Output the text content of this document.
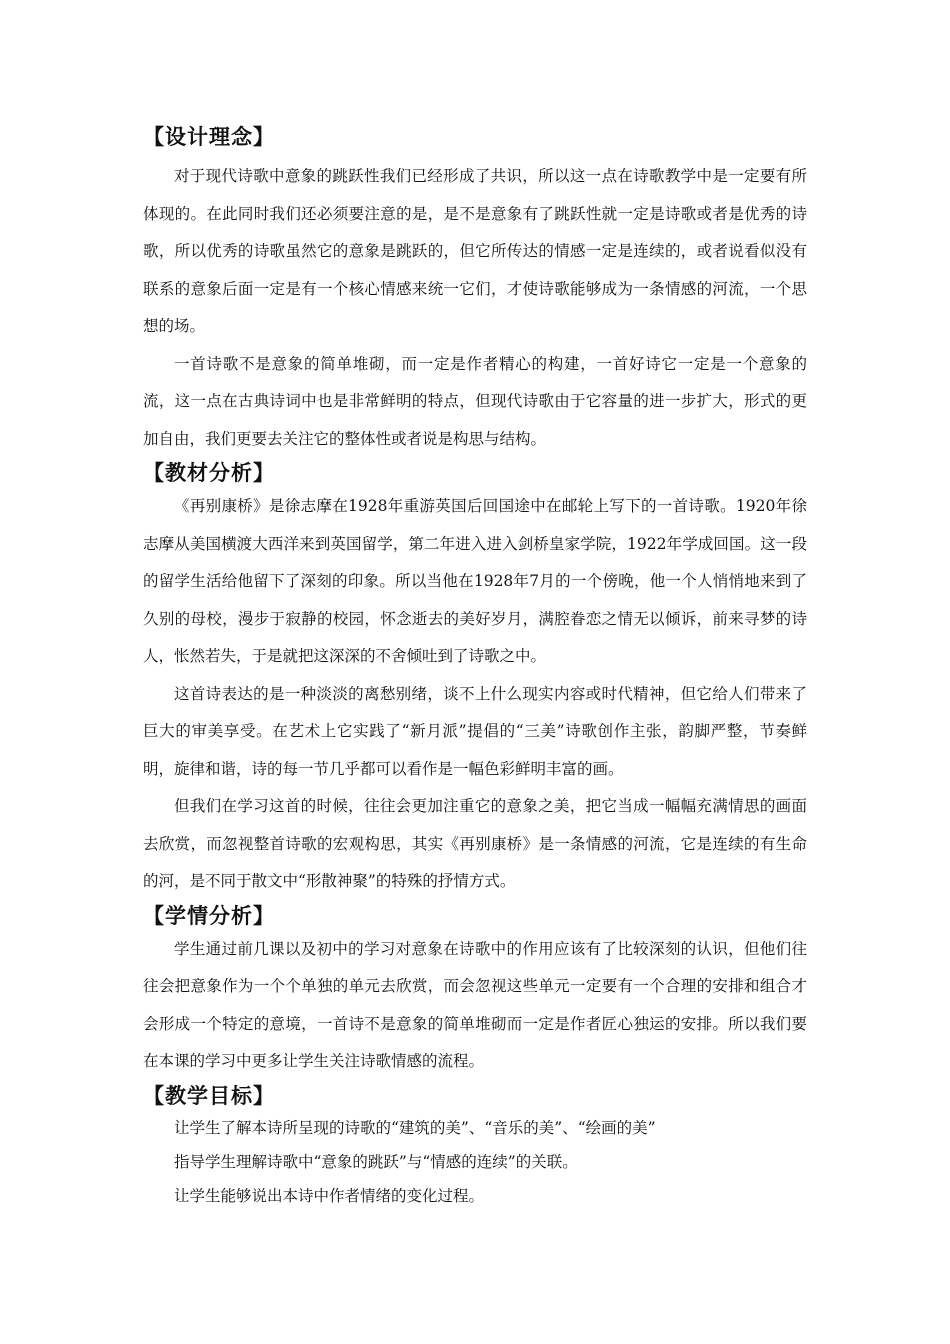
【设计理念】

对于现代诗歌中意象的跳跃性我们已经形成了共识，所以这一点在诗歌教学中是一定要有所体现的。在此同时我们还必须要注意的是，是不是意象有了跳跃性就一定是诗歌或者是优秀的诗歌，所以优秀的诗歌虽然它的意象是跳跃的，但它所传达的情感一定是连续的，或者说看似没有联系的意象后面一定是有一个核心情感来统一它们，才使诗歌能够成为一条情感的河流，一个思想的场。

一首诗歌不是意象的简单堆砌，而一定是作者精心的构建，一首好诗它一定是一个意象的流，这一点在古典诗词中也是非常鲜明的特点，但现代诗歌由于它容量的进一步扩大，形式的更加自由，我们更要去关注它的整体性或者说是构思与结构。

【教材分析】

《再别康桥》是徐志摩在1928年重游英国后回国途中在邮轮上写下的一首诗歌。1920年徐志摩从美国横渡大西洋来到英国留学，第二年进入进入剑桥皇家学院，1922年学成回国。这一段的留学生活给他留下了深刻的印象。所以当他在1928年7月的一个傍晚，他一个人悄悄地来到了久别的母校，漫步于寂静的校园，怀念逝去的美好岁月，满腔眷恋之情无以倾诉，前来寻梦的诗人，怅然若失，于是就把这深深的不舍倾吐到了诗歌之中。

这首诗表达的是一种淡淡的离愁别绪，谈不上什么现实内容或时代精神，但它给人们带来了巨大的审美享受。在艺术上它实践了“新月派”提倡的“三美”诗歌创作主张，韵脚严整，节奏鲜明，旋律和谐，诗的每一节几乎都可以看作是一幅色彩鲜明丰富的画。

但我们在学习这首的时候，往往会更加注重它的意象之美，把它当成一幅幅充满情思的画面去欣赏，而忽视整首诗歌的宏观构思，其实《再别康桥》是一条情感的河流，它是连续的有生命的河，是不同于散文中“形散神聚”的特殊的抒情方式。

【学情分析】

学生通过前几课以及初中的学习对意象在诗歌中的作用应该有了比较深刻的认识，但他们往往会把意象作为一个个单独的单元去欣赏，而会忽视这些单元一定要有一个合理的安排和组合才会形成一个特定的意境，一首诗不是意象的简单堆砌而一定是作者匠心独运的安排。所以我们要在本课的学习中更多让学生关注诗歌情感的流程。

【教学目标】

让学生了解本诗所呈现的诗歌的“建筑的美”、“音乐的美”、“绘画的美”

指导学生理解诗歌中“意象的跳跃”与“情感的连续”的关联。

让学生能够说出本诗中作者情绪的变化过程。
